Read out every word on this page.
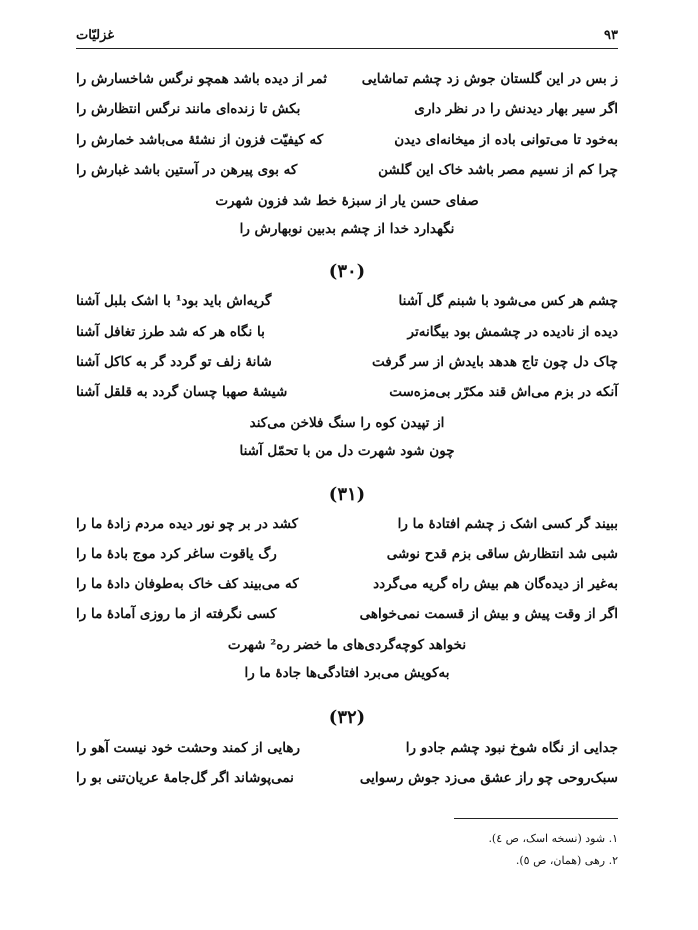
غزلیّات	۹۳
ز بس در این گلستان جوش زد چشم تماشایی
ثمر از دیده باشد همچو نرگس شاخسارش را
اگر سیر بهار دیدنش را در نظر داری
بکش تا زنده‌ای مانند نرگس انتظارش را
به‌خود تا می‌توانی باده از میخانه‌ای دیدن
که کیفیّت فزون از نشئهٔ می‌باشد خمارش را
چرا کم از نسیم مصر باشد خاک این گلشن
که بوی پیرهن در آستین باشد غبارش را
صفای حسن یار از سبزهٔ خط شد فزون شهرت
نگهدارد خدا از چشم بدبین نوبهارش را
(۳۰)
چشم هر کس می‌شود با شبنم گل آشنا
گریه‌اش باید بود¹ با اشک بلبل آشنا
دیده از نادیده در چشمش بود بیگانه‌تر
با نگاه هر که شد طرز تغافل آشنا
چاک دل چون تاج هدهد بایدش از سر گرفت
شانهٔ زلف تو گردد گر به کاکل آشنا
آنکه در بزم می‌اش قند مکرّر بی‌مزه‌ست
شیشهٔ صهبا چسان گردد به قلقل آشنا
از تپیدن کوه را سنگ فلاخن می‌کند
چون شود شهرت دل من با تحمّل آشنا
(۳۱)
ببیند گر کسی اشک ز چشم افتادهٔ ما را
کشد در بر چو نور دیده مردم زادهٔ ما را
شبی شد انتظارش ساقی بزم قدح نوشی
رگ یاقوت ساغر کرد موج بادهٔ ما را
به‌غیر از دیده‌گان هم بیش راه گریه می‌گردد
که می‌بیند کف خاک به‌طوفان دادهٔ ما را
اگر از وقت پیش و بیش از قسمت نمی‌خواهی
کسی نگرفته از ما روزی آمادهٔ ما را
نخواهد کوچه‌گردی‌های ما خضر ره² شهرت
به‌کویش می‌برد افتادگی‌ها جادهٔ ما را
(۳۲)
جدایی از نگاه شوخ نبود چشم جادو را
رهایی از کمند وحشت خود نیست آهو را
سبک‌روحی چو راز عشق می‌زد جوش رسوایی
نمی‌پوشاند اگر گل‌جامهٔ عریان‌تنی بو را
۱. شود (نسخه اسک، ص ٤).
۲. رهی (همان، ص ٥).
